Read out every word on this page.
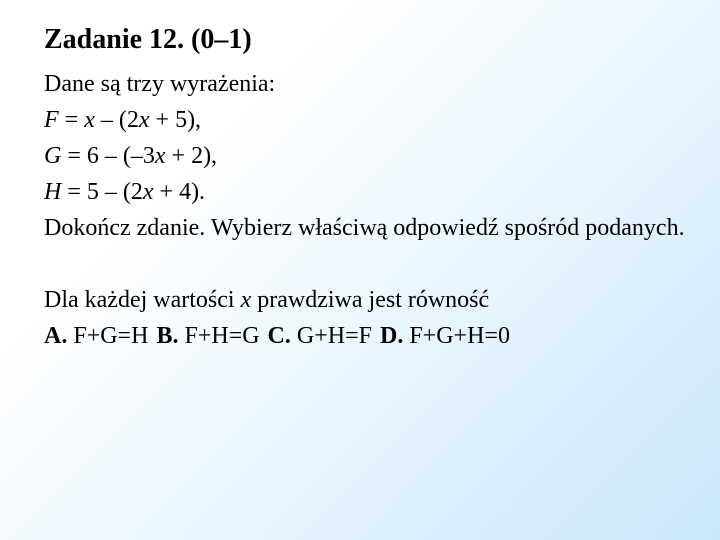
Zadanie 12. (0–1)

Dane są trzy wyrażenia:

F = x – (2x + 5),

G = 6 – (–3x + 2),

H = 5 – (2x + 4).

Dokończ zdanie. Wybierz właściwą odpowiedź spośród podanych.

Dla każdej wartości x prawdziwa jest równość

A. F+G=H B. F+H=G C. G+H=F D. F+G+H=0
